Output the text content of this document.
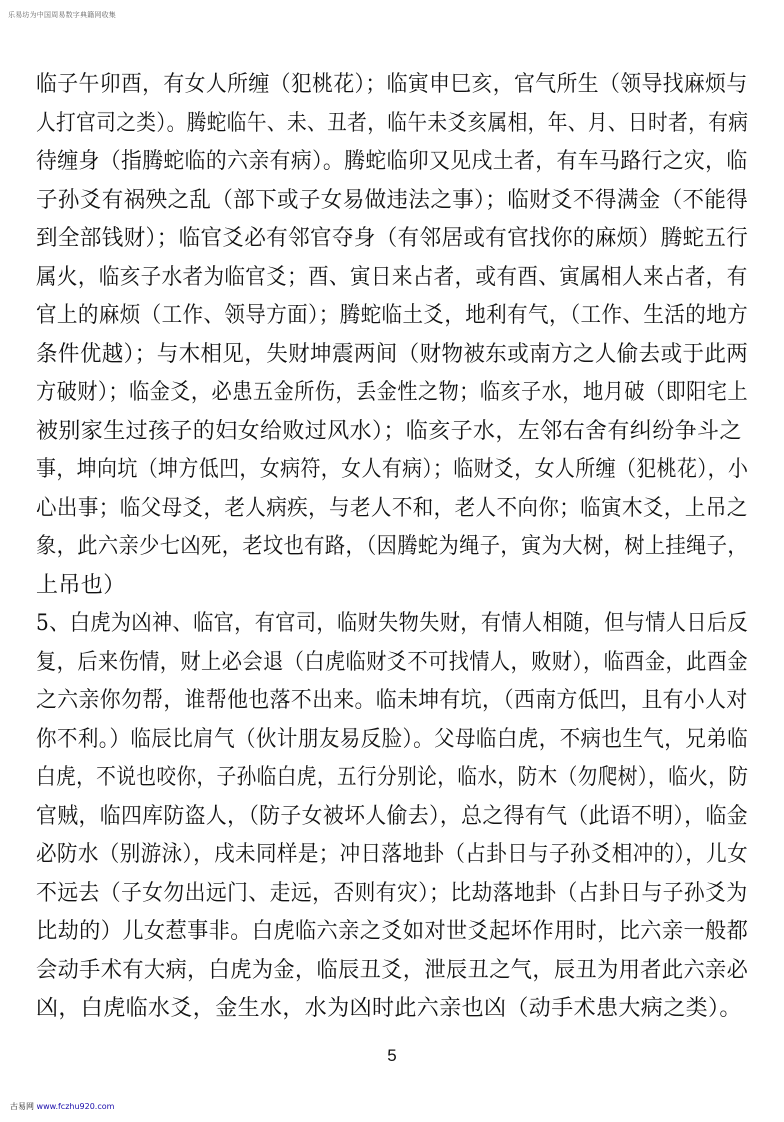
乐易坊为中国周易数字典籍网收集
临子午卯酉，有女人所缠（犯桃花）；临寅申巳亥，官气所生（领导找麻烦与
人打官司之类）。腾蛇临午、未、丑者，临午未爻亥属相，年、月、日时者，有病
待缠身（指腾蛇临的六亲有病）。腾蛇临卯又见戌土者，有车马路行之灾，临
子孙爻有祸殃之乱（部下或子女易做违法之事）；临财爻不得满金（不能得
到全部钱财）；临官爻必有邻官夺身（有邻居或有官找你的麻烦）腾蛇五行
属火，临亥子水者为临官爻；酉、寅日来占者，或有酉、寅属相人来占者，有
官上的麻烦（工作、领导方面）；腾蛇临土爻，地利有气，（工作、生活的地方
条件优越）；与木相见，失财坤震两间（财物被东或南方之人偷去或于此两
方破财）；临金爻，必患五金所伤，丢金性之物；临亥子水，地月破（即阳宅上
被别家生过孩子的妇女给败过风水）；临亥子水，左邻右舍有纠纷争斗之
事，坤向坑（坤方低凹，女病符，女人有病）；临财爻，女人所缠（犯桃花），小
心出事；临父母爻，老人病疾，与老人不和，老人不向你；临寅木爻，上吊之
象，此六亲少七凶死，老坟也有路，（因腾蛇为绳子，寅为大树，树上挂绳子，
上吊也）
5、白虎为凶神、临官，有官司，临财失物失财，有情人相随，但与情人日后反
复，后来伤情，财上必会退（白虎临财爻不可找情人，败财），临酉金，此酉金
之六亲你勿帮，谁帮他也落不出来。临未坤有坑，（西南方低凹，且有小人对
你不利。）临辰比肩气（伙计朋友易反脸）。父母临白虎，不病也生气，兄弟临
白虎，不说也咬你，子孙临白虎，五行分别论，临水，防木（勿爬树），临火，防
官贼，临四库防盗人，（防子女被坏人偷去），总之得有气（此语不明），临金
必防水（别游泳），戌未同样是；冲日落地卦（占卦日与子孙爻相冲的），儿女
不远去（子女勿出远门、走远，否则有灾）；比劫落地卦（占卦日与子孙爻为
比劫的）儿女惹事非。白虎临六亲之爻如对世爻起坏作用时，比六亲一般都
会动手术有大病，白虎为金，临辰丑爻，泄辰丑之气，辰丑为用者此六亲必
凶，白虎临水爻，金生水，水为凶时此六亲也凶（动手术患大病之类）。
5
古易网 www.fczhu920.com
